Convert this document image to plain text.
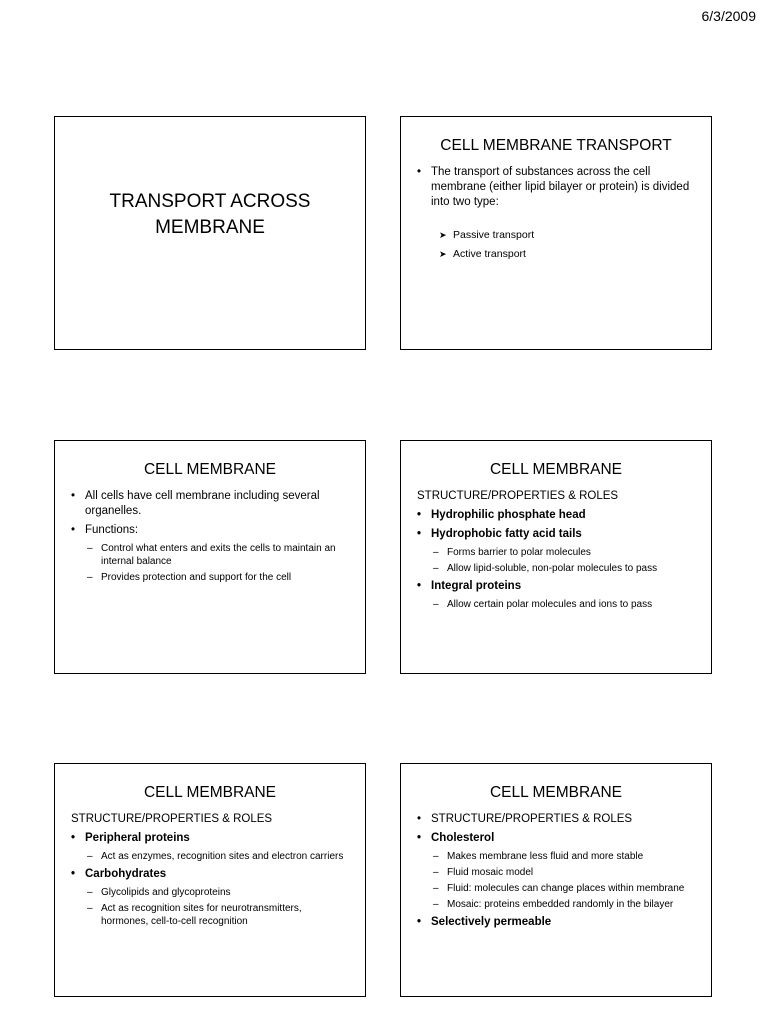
6/3/2009
TRANSPORT ACROSS
MEMBRANE
CELL MEMBRANE TRANSPORT
• The transport of substances across the cell membrane (either lipid bilayer or protein) is divided into two type:
➤ Passive transport
➤ Active transport
CELL MEMBRANE
• All cells have cell membrane including several organelles.
• Functions:
– Control what enters and exits the cells to maintain an internal balance
– Provides protection and support for the cell
CELL MEMBRANE
STRUCTURE/PROPERTIES & ROLES
• Hydrophilic phosphate head
• Hydrophobic fatty acid tails
– Forms barrier to polar molecules
– Allow lipid-soluble, non-polar molecules to pass
• Integral proteins
– Allow certain polar molecules and ions to pass
CELL MEMBRANE
STRUCTURE/PROPERTIES & ROLES
• Peripheral proteins
– Act as enzymes, recognition sites and electron carriers
• Carbohydrates
– Glycolipids and glycoproteins
– Act as recognition sites for neurotransmitters, hormones, cell-to-cell recognition
CELL MEMBRANE
• STRUCTURE/PROPERTIES & ROLES
• Cholesterol
– Makes membrane less fluid and more stable
– Fluid mosaic model
– Fluid: molecules can change places within membrane
– Mosaic: proteins embedded randomly in the bilayer
• Selectively permeable
